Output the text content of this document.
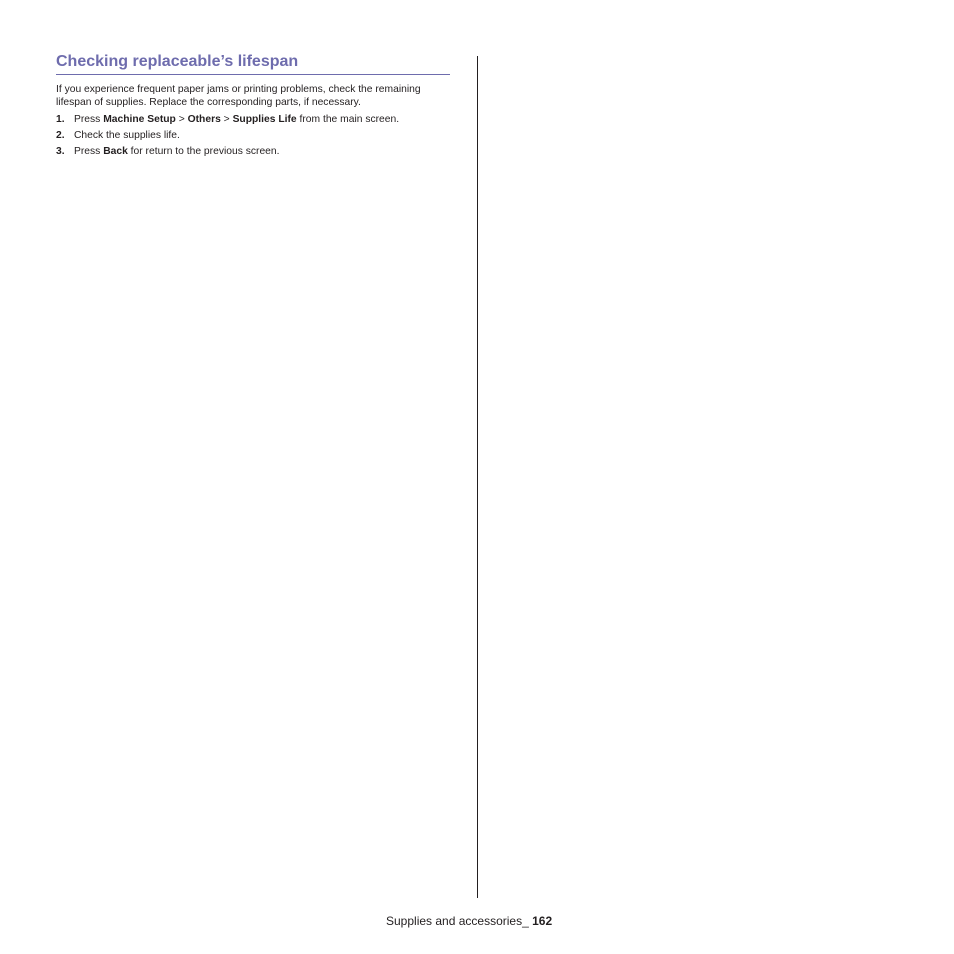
Checking replaceable’s lifespan

If you experience frequent paper jams or printing problems, check the remaining lifespan of supplies. Replace the corresponding parts, if necessary.

1. Press Machine Setup > Others > Supplies Life from the main screen.
2. Check the supplies life.
3. Press Back for return to the previous screen.
Supplies and accessories_ 162
